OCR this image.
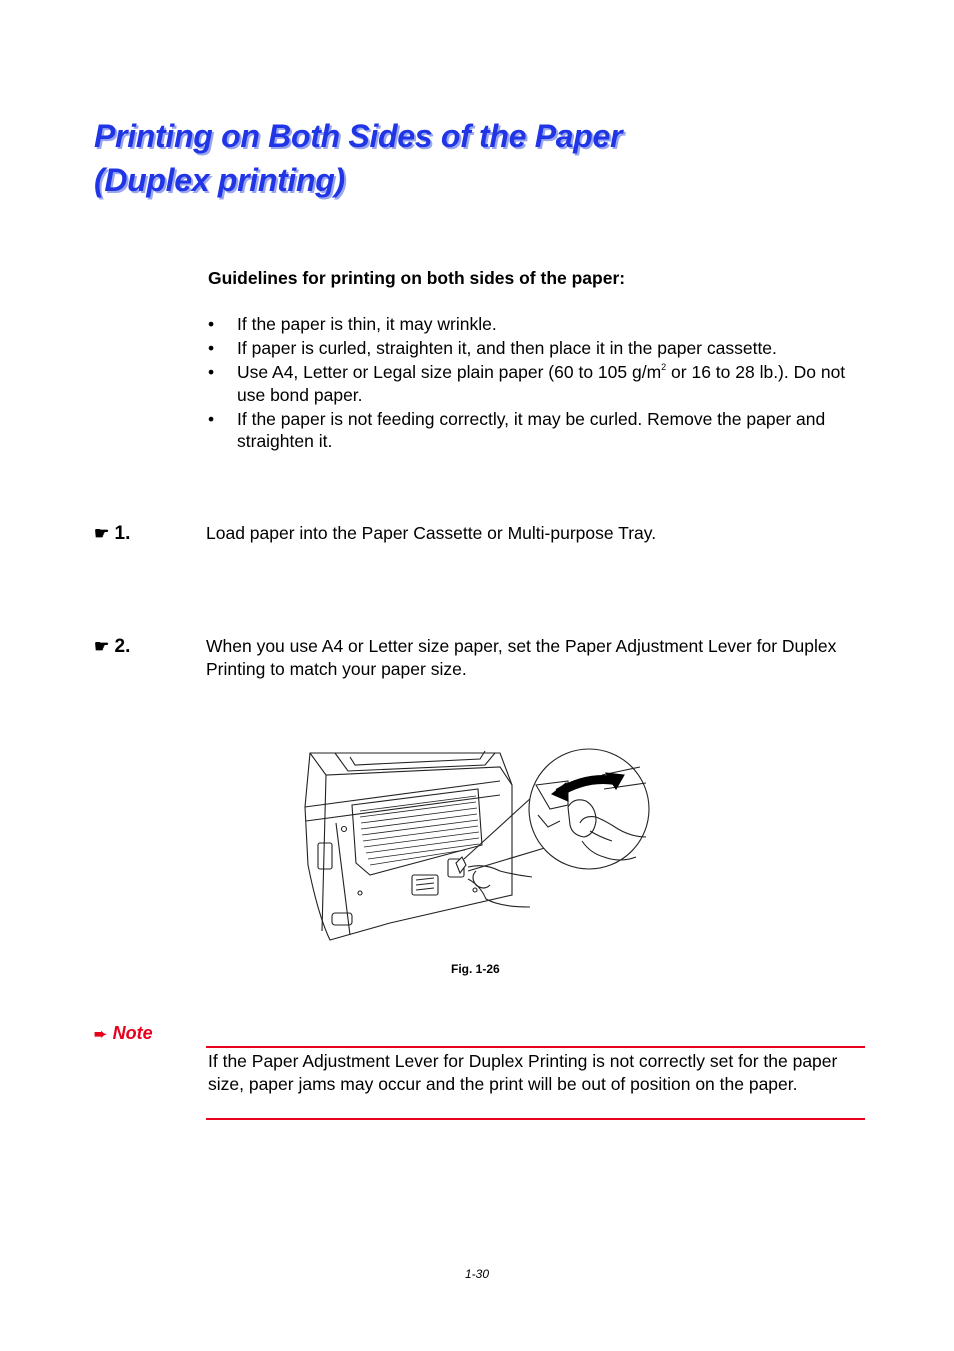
Printing on Both Sides of the Paper
(Duplex printing)

Guidelines for printing on both sides of the paper:

• If the paper is thin, it may wrinkle.
• If paper is curled, straighten it, and then place it in the paper cassette.
• Use A4, Letter or Legal size plain paper (60 to 105 $g/m^2$ or 16 to 28 lb.). Do not use bond paper.
• If the paper is not feeding correctly, it may be curled. Remove the paper and straighten it.
☛ 1.	Load paper into the Paper Cassette or Multi-purpose Tray.
☛ 2.	When you use A4 or Letter size paper, set the Paper Adjustment Lever for Duplex Printing to match your paper size.

Fig. 1-26

➨ Note

If the Paper Adjustment Lever for Duplex Printing is not correctly set for the paper size, paper jams may occur and the print will be out of position on the paper.

1-30
